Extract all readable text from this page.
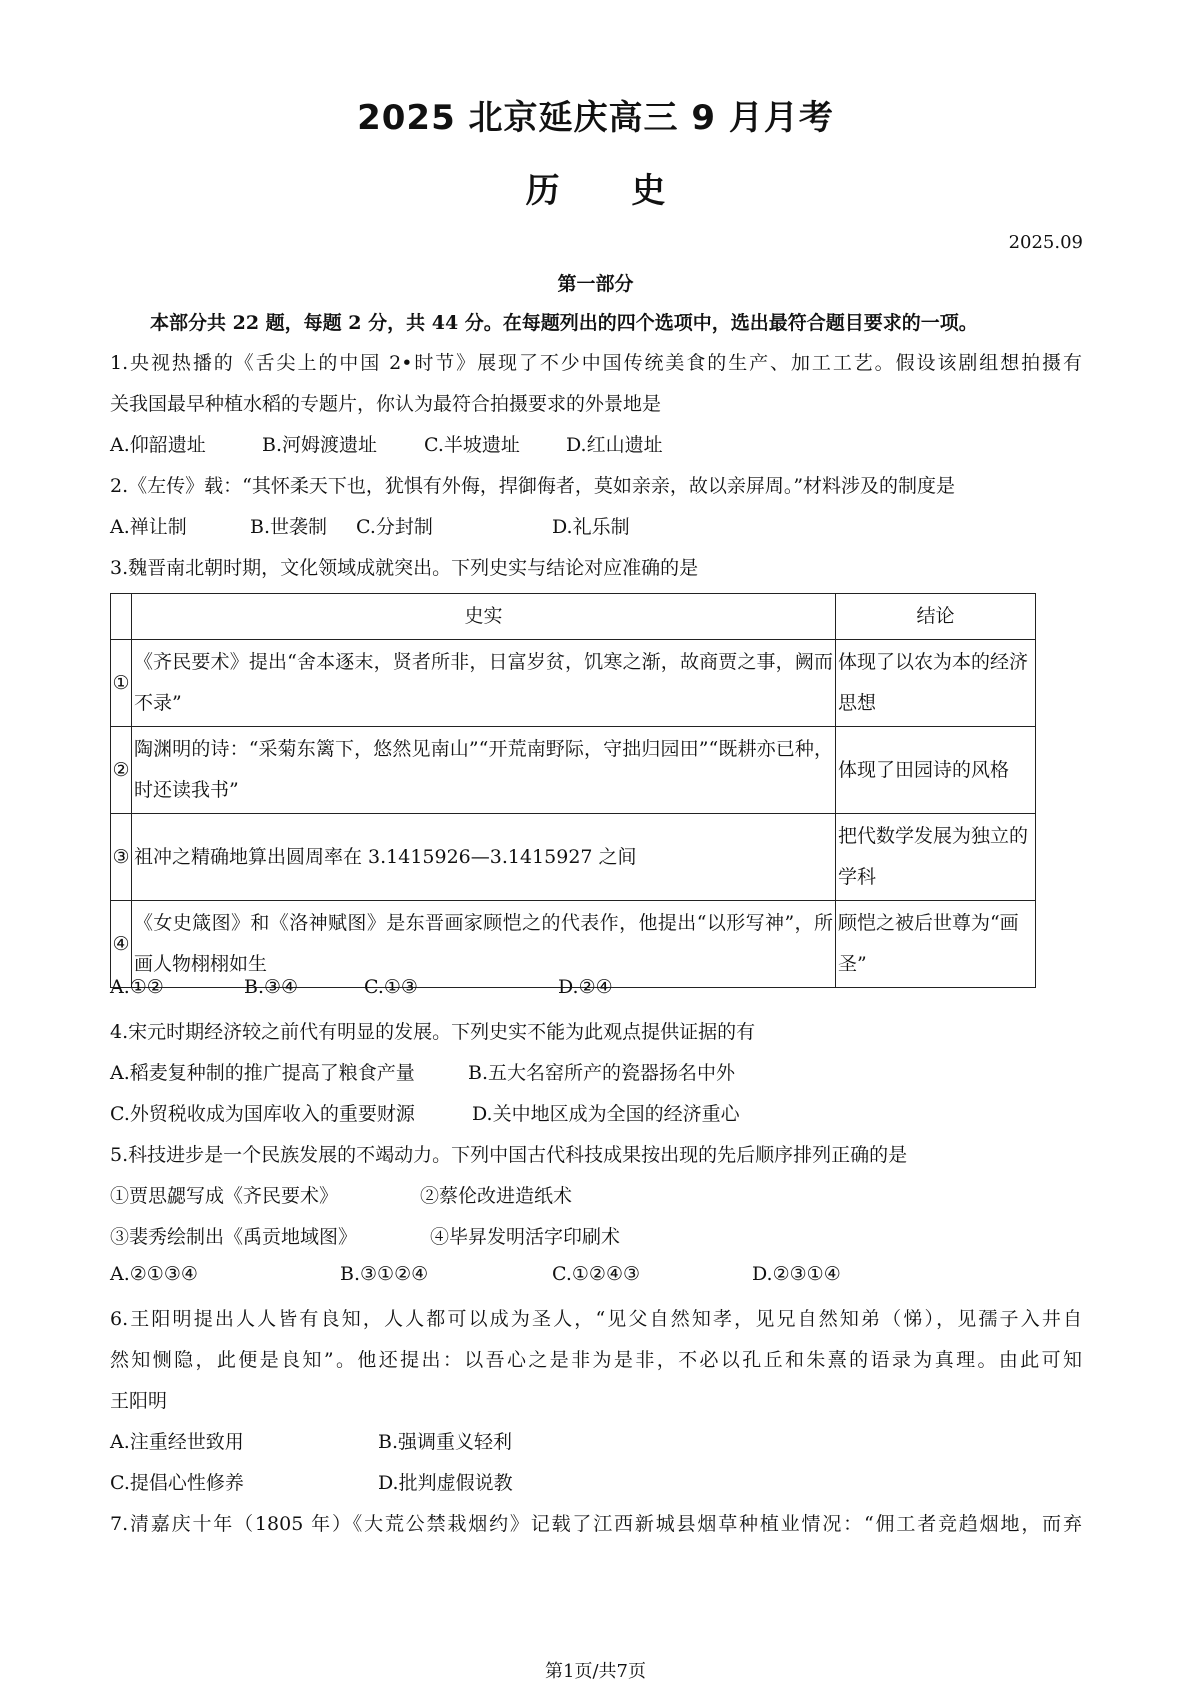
2025 北京延庆高三 9 月月考
历 史
2025.09
第一部分
本部分共 22 题，每题 2 分，共 44 分。在每题列出的四个选项中，选出最符合题目要求的一项。
1.央视热播的《舌尖上的中国 2•时节》展现了不少中国传统美食的生产、加工工艺。假设该剧组想拍摄有
关我国最早种植水稻的专题片，你认为最符合拍摄要求的外景地是
A.仰韶遗址	B.河姆渡遗址 C.半坡遗址 D.红山遗址
2.《左传》载：“其怀柔天下也，犹惧有外侮，捍御侮者，莫如亲亲，故以亲屏周。”材料涉及的制度是
A.禅让制	B.世袭制 C.分封制	D.礼乐制
3.魏晋南北朝时期，文化领域成就突出。下列史实与结论对应准确的是
	史实	结论
①	《齐民要术》提出“舍本逐末，贤者所非，日富岁贫，饥寒之渐，故商贾之事，阙而不录”	体现了以农为本的经济思想
②	陶渊明的诗：“采菊东篱下，悠然见南山”“开荒南野际，守拙归园田”“既耕亦已种，时还读我书”	体现了田园诗的风格
③	祖冲之精确地算出圆周率在 3.1415926—3.1415927 之间	把代数学发展为独立的学科
④	《女史箴图》和《洛神赋图》是东晋画家顾恺之的代表作，他提出“以形写神”，所画人物栩栩如生	顾恺之被后世尊为“画圣”
A.①②	B.③④	C.①③	D.②④
4.宋元时期经济较之前代有明显的发展。下列史实不能为此观点提供证据的有
A.稻麦复种制的推广提高了粮食产量	B.五大名窑所产的瓷器扬名中外
C.外贸税收成为国库收入的重要财源	D.关中地区成为全国的经济重心
5.科技进步是一个民族发展的不竭动力。下列中国古代科技成果按出现的先后顺序排列正确的是
①贾思勰写成《齐民要术》	②蔡伦改进造纸术
③裴秀绘制出《禹贡地域图》	④毕昇发明活字印刷术
A.②①③④	B.③①②④	C.①②④③	D.②③①④
6.王阳明提出人人皆有良知，人人都可以成为圣人，“见父自然知孝，见兄自然知弟（悌），见孺子入井自
然知恻隐，此便是良知”。他还提出：以吾心之是非为是非，不必以孔丘和朱熹的语录为真理。由此可知
王阳明
A.注重经世致用	B.强调重义轻利
C.提倡心性修养	D.批判虚假说教
7.清嘉庆十年（1805 年）《大荒公禁栽烟约》记载了江西新城县烟草种植业情况：“佣工者竞趋烟地，而弃
第1页/共7页
